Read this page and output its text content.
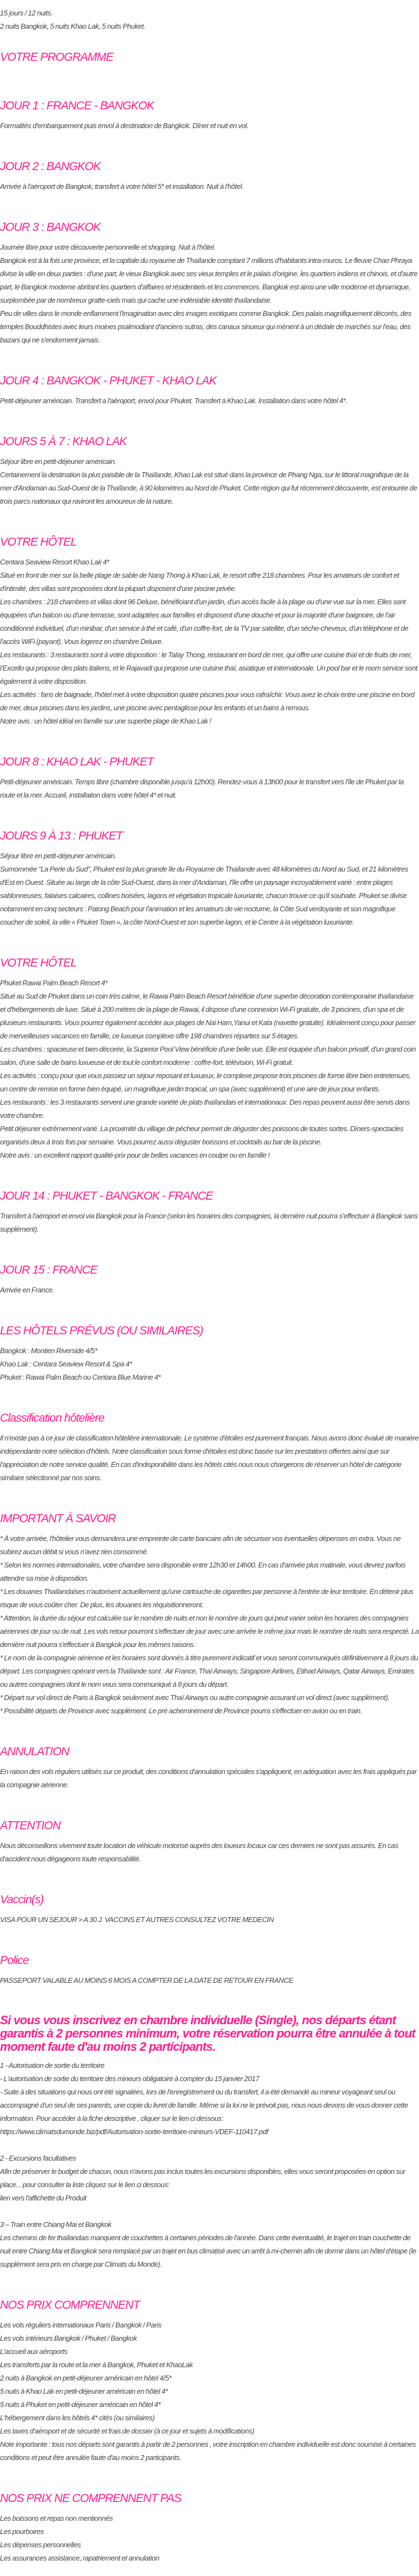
15 jours / 12 nuits.

2 nuits Bangkok, 5 nuits Khao Lak, 5 nuits Phuket.

VOTRE PROGRAMME
JOUR 1 : FRANCE - BANGKOK

Formalités d'embarquement puis envol à destination de Bangkok. Dîner et nuit en vol.

JOUR 2 : BANGKOK

Arrivée à l'aéroport de Bangkok, transfert à votre hôtel 5* et installation. Nuit à l'hôtel.

JOUR 3 : BANGKOK

Journée libre pour votre découverte personnelle et shopping. Nuit à l'hôtel.

Bangkok est à la fois une province, et la capitale du royaume de Thaïlande comptant 7 millions d'habitants intra-muros. Le fleuve Chao Phraya divise la ville en deux parties : d'une part, le vieux Bangkok avec ses vieux temples et le palais d'origine, les quartiers indiens et chinois, et d'autre part, le Bangkok moderne abritant les quartiers d'affaires et résidentiels et les commerces. Bangkok est ainsi une ville moderne et dynamique, surplombée par de nombreux gratte-ciels mais qui cache une indéniable identité thaïlandaise.

Peu de villes dans le monde enflamment l'imagination avec des images exotiques comme Bangkok. Des palais magnifiquement décorés, des temples Bouddhistes avec leurs moines psalmodiant d'anciens sutras, des canaux sinueux qui mènent à un dédale de marchés sur l'eau, des bazars qui ne s'endorment jamais.

JOUR 4 : BANGKOK - PHUKET - KHAO LAK

Petit-déjeuner américain. Transfert a l'aéroport, envol pour Phuket. Transfert à Khao Lak. Installation dans votre hôtel 4*.

JOURS 5 À 7 : KHAO LAK

Séjour libre en petit-déjeuner américain.

Certainement la destination la plus paisible de la Thaïlande, Khao Lak est situé dans la province de Phang Nga, sur le littoral magnifique de la mer d'Andaman au Sud-Ouest de la Thaïlande, à 90 kilomètres au Nord de Phuket. Cette région qui fut récemment découverte, est entourée de trois parcs nationaux qui raviront les amoureux de la nature.

VOTRE HÔTEL

Centara Seaview Resort Khao Lak 4*

Situé en front de mer sur la belle plage de sable de Nang Thong à Khao Lak, le resort offre 218 chambres. Pour les amateurs de confort et d'intimité, des villas sont proposées dont la plupart disposent d'une piscine privée.

Les chambres : 218 chambres et villas dont 96 Deluxe, bénéficiant d'un jardin, d'un accès facile à la plage ou d'une vue sur la mer. Elles sont équipées d'un balcon ou d'une terrasse, sont adaptées aux familles et disposent d'une douche et pour la majorité d'une baignoire, de l'air conditionné individuel, d'un minibar, d'un service à thé et café, d'un coffre-fort, de la TV par satellite, d'un sèche-cheveux, d'un téléphone et de l'accès WiFi (payant). Vous logerez en chambre Deluxe.

Les restaurants : 3 restaurants sont à votre disposition : le Talay Thong, restaurant en bord de mer, qui offre une cuisine thaï et de fruits de mer, l'Excello qui propose des plats italiens, et le Rajavadi qui propose une cuisine thaï, asiatique et internationale. Un pool bar et le room service sont également à votre disposition.

Les activités : fans de baignade, l'hôtel met à votre disposition quatre piscines pour vous rafraîchir. Vous avez le choix entre une piscine en bord de mer, deux piscines dans les jardins, une piscine avec pentaglisse pour les enfants et un bains à remous.

Notre avis : un hôtel idéal en famille sur une superbe plage de Khao Lak !

JOUR 8 : KHAO LAK - PHUKET

Petit-déjeuner américain. Temps libre (chambre disponible jusqu'à 12h00). Rendez-vous à 13h00 pour le transfert vers l'île de Phuket par la route et la mer. Accueil, installation dans votre hôtel 4* et nuit.

JOURS 9 À 13 : PHUKET

Séjour libre en petit-déjeuner américain.

Surnommée "La Perle du Sud", Phuket est la plus grande île du Royaume de Thaïlande avec 48 kilomètres du Nord au Sud, et 21 kilomètres d'Est en Ouest. Située au large de la côte Sud-Ouest, dans la mer d'Andaman, l'île offre un paysage incroyablement varié : entre plages sablonneuses, falaises calcaires, collines boisées, lagons et végétation tropicale luxuriante, chacun trouve ce qu'il souhaite. Phuket se divise notamment en cinq secteurs : Patong Beach pour l'animation et les amateurs de vie nocturne, la Côte Sud verdoyante et son magnifique coucher de soleil, la ville « Phuket Town », la côte Nord-Ouest et son superbe lagon, et le Centre à la végétation luxuriante.

VOTRE HÔTEL

Phuket Rawai Palm Beach Resort 4*

Situé au Sud de Phuket dans un coin très calme, le Rawai Palm Beach Resort bénéficie d'une superbe décoration contemporaine thaïlandaise et d'hébergements de luxe. Situé à 200 mètres de la plage de Rawai, il dispose d'une connexion Wi-Fi gratuite, de 3 piscines, d'un spa et de plusieurs restaurants. Vous pourrez également accéder aux plages de Nai Harn,Yanui et Kata (navette gratuite). Idéalement conçu pour passer de merveilleuses vacances en famille, ce luxueux complexe offre 198 chambres réparties sur 5 étages.

Les chambres : spacieuse et bien décorée, la Superior Pool View bénéficie d'une belle vue. Elle est équipée d'un balcon privatif, d'un grand coin salon, d'une salle de bains luxueuse et de tout le confort moderne : coffre-fort, télévision, Wi-Fi gratuit.

Les activités : conçu pour que vous passiez un séjour reposant et luxueux, le complexe propose trois piscines de forme libre bien entretenues, un centre de remise en forme bien équipé, un magnifique jardin tropical, un spa (avec supplément) et une aire de jeux pour enfants.

Les restaurants : les 3 restaurants servent une grande variété de plats thaïlandais et internationaux. Des repas peuvent aussi être servis dans votre chambre.

Petit déjeuner extrêmement varié. La proximité du village de pécheur permet de déguster des poissons de toutes sortes. Dïners-spectacles organisés deux à trois fois par semaine. Vous pourrez aussi déguster boissons et cocktails au bar de la piscine.

Notre avis : un excellent rapport qualité-prix pour de belles vacances en coulpe ou en famille !

JOUR 14 : PHUKET - BANGKOK - FRANCE

Transfert à l'aéroport et envol via Bangkok pour la France (selon les horaires des compagnies, la dernière nuit pourra s'effectuer à Bangkok sans supplément).

JOUR 15 : FRANCE

Arrivée en France.

LES HÔTELS PRÉVUS (OU SIMILAIRES)

Bangkok : Montien Riverside 4/5*

Khao Lak : Centara Seaview Resort & Spa 4*

Phuket : Rawai Palm Beach ou Centara Blue Marine 4*

Classification hôtelière

Il n'existe pas à ce jour de classification hôtelière internationale. Le système d'étoiles est purement français. Nous avons donc évalué de manière indépendante notre sélection d'hôtels. Notre classification sous forme d'étoiles est donc basée sur les prestations offertes ainsi que sur l'appréciation de notre service qualité. En cas d'indisponibilité dans les hôtels cités nous nous chargerons de réserver un hôtel de catégorie similaire sélectionné par nos soins.

IMPORTANT À SAVOIR

* À votre arrivée, l'hôtelier vous demandera une empreinte de carte bancaire afin de sécuriser vos éventuelles dépenses en extra. Vous ne subirez aucun débit si vous n'avez rien consommé.

* Selon les normes internationales, votre chambre sera disponible entre 12h30 et 14h00. En cas d'arrivée plus matinale, vous devrez parfois attendre sa mise à disposition.

* Les douanes Thaïlandaises n'autorisent actuellement qu'une cartouche de cigarettes par personne à l'entrée de leur territoire. En détenir plus risque de vous coûter cher. De plus, les douanes les réquisitionneront.

* Attention, la durée du séjour est calculée sur le nombre de nuits et non le nombre de jours qui peut varier selon les horaires des compagnies aériennes de jour ou de nuit. Les vols retour pourront s'effectuer de jour avec une arrivée le même jour mais le nombre de nuits sera respecté. La dernière nuit pourra s'effectuer à Bangkok pour les mêmes raisons.

* Le nom de la compagnie aérienne et les horaires sont donnés à titre purement indicatif et vous seront communiqués définitivement à 8 jours du départ. Les compagnies opérant vers la Thaïlande sont : Air France, Thaï Airways, Singapore Airlines, Etihad Airways, Qatar Airways, Emirates ou autres compagnies dont le nom vous sera communiqué à 8 jours du départ.

* Départ sur vol direct de Paris à Bangkok seulement avec Thaï Airways ou autre compagnie assurant un vol direct (avec supplément).

* Possibilité départs de Province avec supplément. Le pré acheminement de Province pourra s'effectuer en avion ou en train.

ANNULATION

En raison des vols réguliers utilisés sur ce produit, des conditions d'annulation spéciales s'appliquent, en adéquation avec les frais appliqués par la compagnie aérienne.

ATTENTION

Nous déconseillons vivement toute location de véhicule motorisé auprès des loueurs locaux car ces derniers ne sont pas assurés. En cas d'accident nous dégageons toute responsabilité.

Vaccin(s)

VISA POUR UN SEJOUR > A 30 J. VACCINS ET AUTRES CONSULTEZ VOTRE MEDECIN

Police

PASSEPORT VALABLE AU MOINS 6 MOIS A COMPTER DE LA DATE DE RETOUR EN FRANCE

Si vous vous inscrivez en chambre individuelle (Single), nos départs étant garantis à 2 personnes minimum, votre réservation pourra être annulée à tout moment faute d'au moins 2 participants.

1 - Autorisation de sortie du territoire

- L'autorisation de sortie du territoire des mineurs obligatoire à compter du 15 janvier 2017

- Suite à des situations qui nous ont été signalées, lors de l'enregistrement ou du transfert, il a été demandé au mineur voyageant seul ou accompagné d'un seul de ses parents, une copie du livret de famille. Même si la loi ne le prévoit pas, nous nous devons de vous donner cette information. Pour accéder à la fiche descriptive , cliquer sur le lien ci dessous:

https://www.climatsdumonde.biz/pdf/Autorisation-sortie-territoire-mineurs-VDEF-110417.pdf

2 - Excursions facultatives

Afin de préserver le budget de chacun, nous n'avons pas inclus toutes les excursions disponibles, elles vous seront proposées en option sur place... pour consulter la liste cliquez sur le lien ci dessous:

lien vers l'affichette du Produit

3 – Train entre Chiang Mai et Bangkok

Les chemins de fer thaïlandais manquent de couchettes à certaines périodes de l'année. Dans cette éventualité, le trajet en train couchette de nuit entre Chiang Mai et Bangkok sera remplacé par un trajet en bus climatisé avec un arrêt à mi-chemin afin de dormir dans un hôtel d'étape (le supplément sera pris en charge par Climats du Monde).

NOS PRIX COMPRENNENT

Les vols réguliers internationaux Paris / Bangkok / Paris

Les vols intérieurs Bangkok / Phuket / Bangkok

L'accueil aux aéroports

Les transferts par la route et la mer à Bangkok, Phuket et KhaoLak

2 nuits à Bangkok en petit-déjeuner américain en hôtel 4/5*

5 nuits à Khao Lak en petit-déjeuner américain en hôtel 4*

5 nuits à Phuket en petit-déjeuner américain en hôtel 4*

L'hébergement dans les hôtels 4* cités (ou similaires)

Les taxes d'aéroport et de sécurité et frais de dossier (à ce jour et sujets à modifications)

Note importante : tous nos départs sont garantis à partir de 2 personnes , votre inscription en chambre individuelle est donc soumise à certaines conditions et peut être annulée faute d'au moins 2 participants.

NOS PRIX NE COMPRENNENT PAS

Les boissons et repas non mentionnés

Les pourboires

Les dépenses personnelles

Les assurances assistance, rapatriement et annulation
